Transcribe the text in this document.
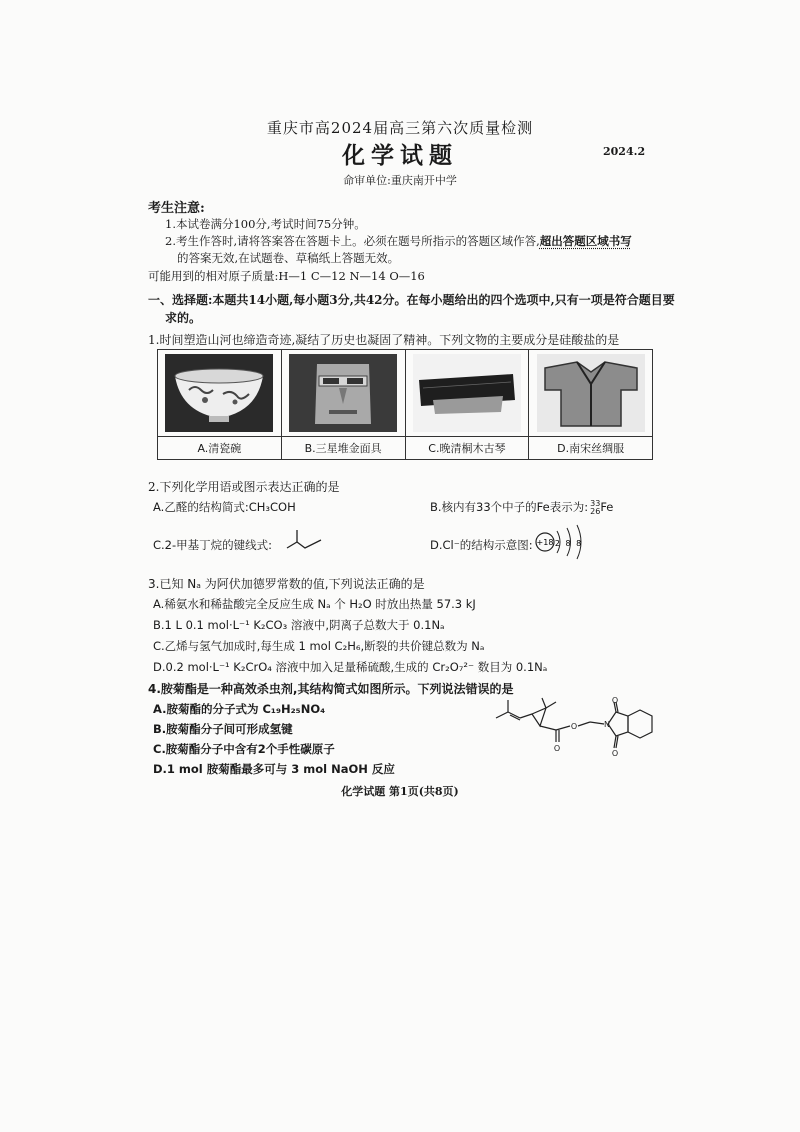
重庆市高2024届高三第六次质量检测
化学试题	2024.2
命审单位:重庆南开中学
考生注意:
1.本试卷满分100分,考试时间75分钟。
2.考生作答时,请将答案答在答题卡上。必须在题号所指示的答题区域作答,超出答题区域书写
的答案无效,在试题卷、草稿纸上答题无效。
可能用到的相对原子质量:H—1 C—12 N—14 O—16
一、选择题:本题共14小题,每小题3分,共42分。在每小题给出的四个选项中,只有一项是符合题目要
求的。
1.时间塑造山河也缔造奇迹,凝结了历史也凝固了精神。下列文物的主要成分是硅酸盐的是

A.清瓷碗	B.三星堆金面具	C.晚清桐木古琴	D.南宋丝绸服
2.下列化学用语或图示表达正确的是
A.乙醛的结构简式:CH₃COH	B.核内有33个中子的Fe表示为: 33
26 Fe
C.2-甲基丁烷的键线式:	D.Cl⁻的结构示意图: +18 2 8 8
3.已知 Nₐ 为阿伏加德罗常数的值,下列说法正确的是
A.稀氨水和稀盐酸完全反应生成 Nₐ 个 H₂O 时放出热量 57.3 kJ
B.1 L 0.1 mol·L⁻¹ K₂CO₃ 溶液中,阴离子总数大于 0.1Nₐ
C.乙烯与氢气加成时,每生成 1 mol C₂H₆,断裂的共价键总数为 Nₐ
D.0.2 mol·L⁻¹ K₂CrO₄ 溶液中加入足量稀硫酸,生成的 Cr₂O₇²⁻ 数目为 0.1Nₐ
4.胺菊酯是一种高效杀虫剂,其结构简式如图所示。下列说法错误的是
A.胺菊酯的分子式为 C₁₉H₂₅NO₄
B.胺菊酯分子间可形成氢键
C.胺菊酯分子中含有2个手性碳原子
D.1 mol 胺菊酯最多可与 3 mol NaOH 反应
O
O	N
O
O
化学试题 第1页(共8页)
